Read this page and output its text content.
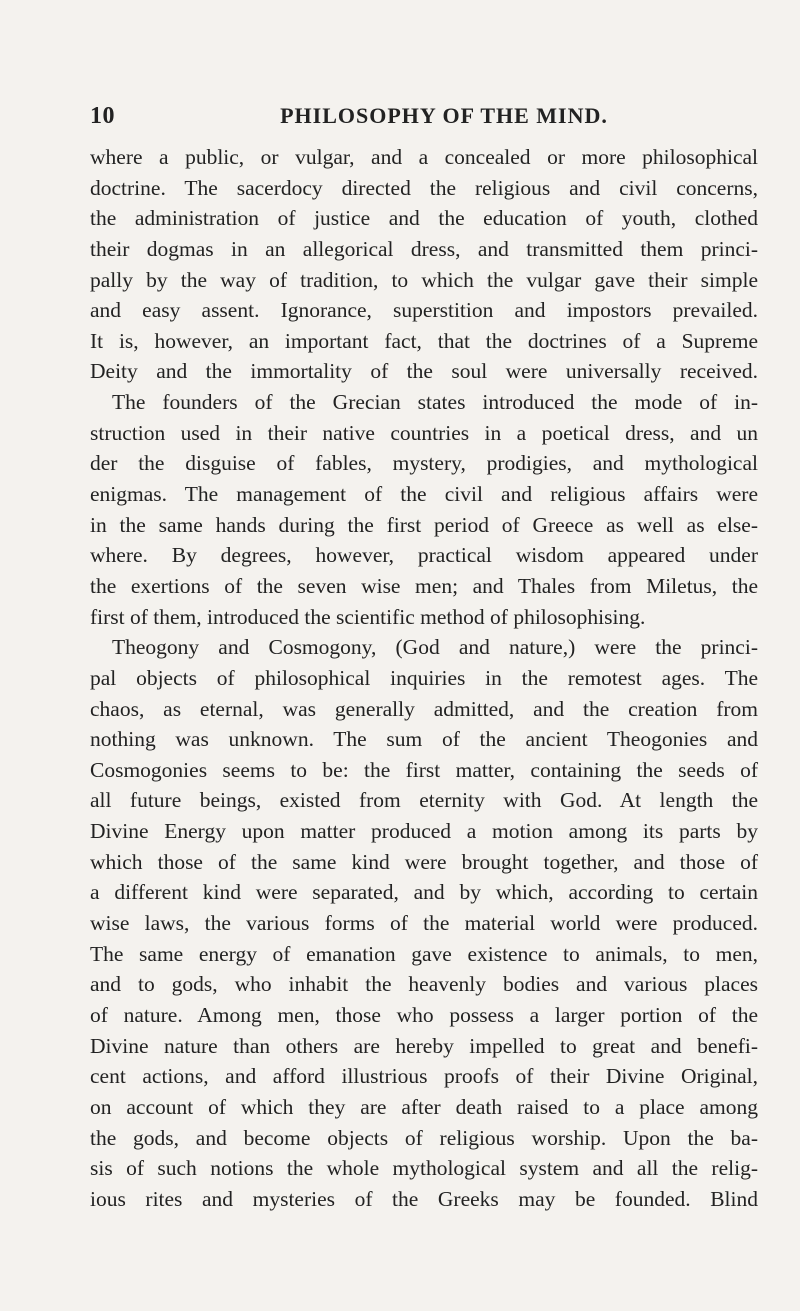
10	PHILOSOPHY OF THE MIND.
where a public, or vulgar, and a concealed or more philosophical
doctrine. The sacerdocy directed the religious and civil concerns,
the administration of justice and the education of youth, clothed
their dogmas in an allegorical dress, and transmitted them princi-
pally by the way of tradition, to which the vulgar gave their simple
and easy assent. Ignorance, superstition and impostors prevailed.
It is, however, an important fact, that the doctrines of a Supreme
Deity and the immortality of the soul were universally received.
The founders of the Grecian states introduced the mode of in-
struction used in their native countries in a poetical dress, and un
der the disguise of fables, mystery, prodigies, and mythological
enigmas. The management of the civil and religious affairs were
in the same hands during the first period of Greece as well as else-
where. By degrees, however, practical wisdom appeared under
the exertions of the seven wise men; and Thales from Miletus, the
first of them, introduced the scientific method of philosophising.
Theogony and Cosmogony, (God and nature,) were the princi-
pal objects of philosophical inquiries in the remotest ages. The
chaos, as eternal, was generally admitted, and the creation from
nothing was unknown. The sum of the ancient Theogonies and
Cosmogonies seems to be: the first matter, containing the seeds of
all future beings, existed from eternity with God. At length the
Divine Energy upon matter produced a motion among its parts by
which those of the same kind were brought together, and those of
a different kind were separated, and by which, according to certain
wise laws, the various forms of the material world were produced.
The same energy of emanation gave existence to animals, to men,
and to gods, who inhabit the heavenly bodies and various places
of nature. Among men, those who possess a larger portion of the
Divine nature than others are hereby impelled to great and benefi-
cent actions, and afford illustrious proofs of their Divine Original,
on account of which they are after death raised to a place among
the gods, and become objects of religious worship. Upon the ba-
sis of such notions the whole mythological system and all the relig-
ious rites and mysteries of the Greeks may be founded. Blind
